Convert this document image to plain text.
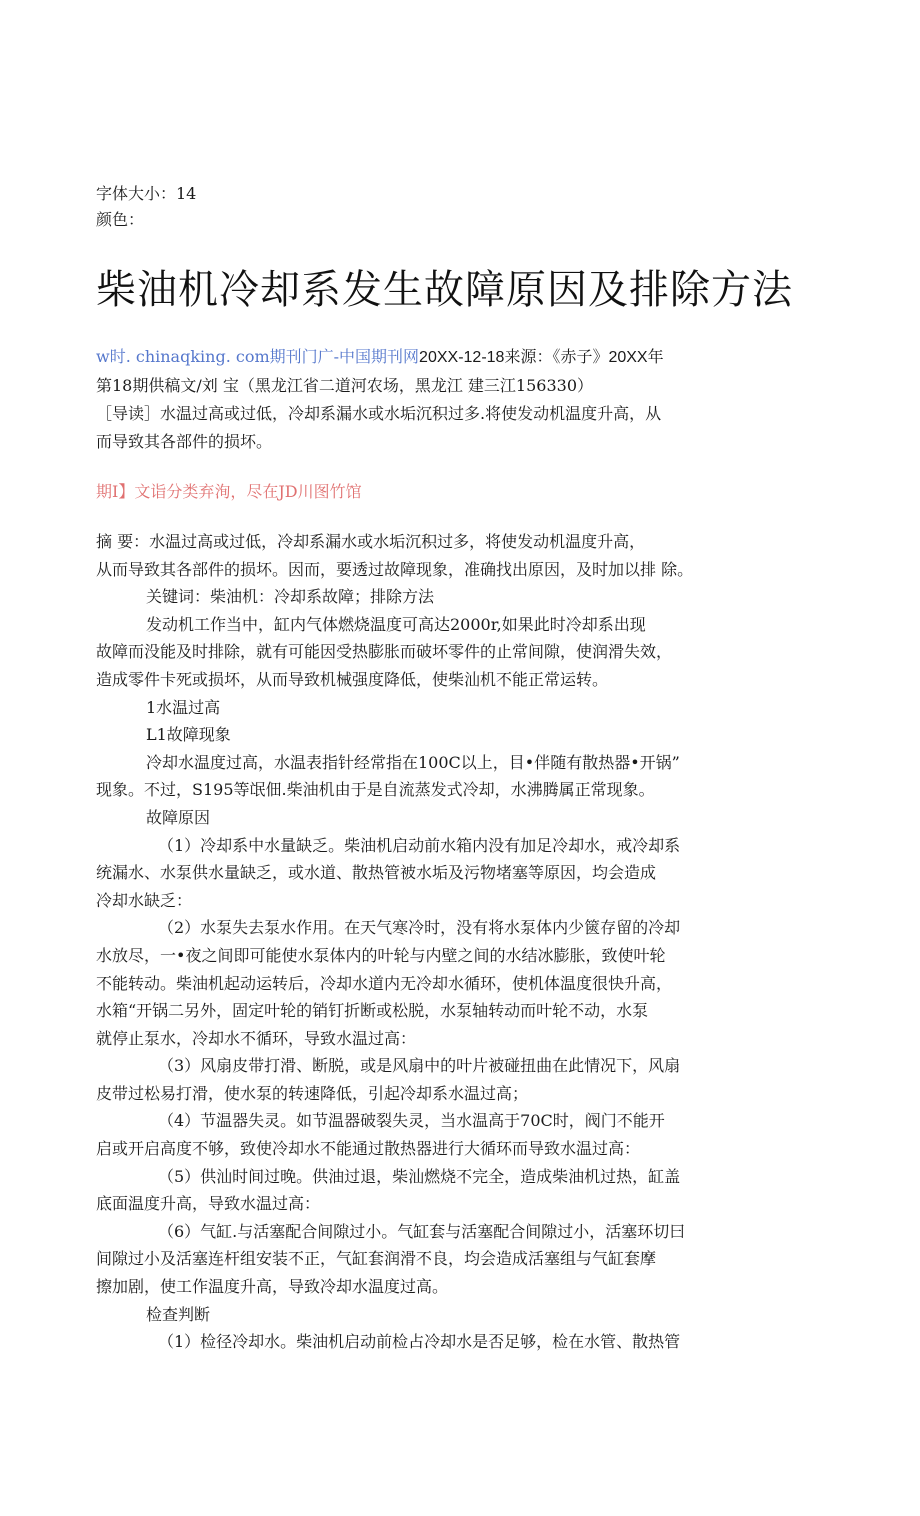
字体大小：14
颜色：
柴油机冷却系发生故障原因及排除方法
w时. chinaqking. com期刊门广-中国期刊网20XX-12-18来源：《赤子》20XX年
第18期供稿文/刘 宝（黑龙江省二道河农场，黑龙江 建三江156330）
［导读］水温过高或过低，冷却系漏水或水垢沉积过多.将使发动机温度升高，从
而导致其各部件的损坏。
期Ⅰ】文诣分类弃洵，尽在JD川图竹馆
摘 要：水温过高或过低，冷却系漏水或水垢沉积过多，将使发动机温度升高，
从而导致其各部件的损坏。因而，要透过故障现象，准确找出原因，及时加以排 除。
关键词：柴油机：冷却系故障；排除方法
发动机工作当中，缸内气体燃烧温度可高达2000r,如果此时冷却系出现
故障而没能及时排除，就有可能因受热膨胀而破坏零件的止常间隙，使润滑失效，
造成零件卡死或损坏，从而导致机械强度降低，使柴汕机不能正常运转。
1水温过高
L1故障现象
冷却水温度过高，水温表指针经常指在100C以上，目•伴随有散热器•开锅”
现象。不过，S195等氓佃.柴油机由于是自流蒸发式冷却，水沸腾属正常现象。
故障原因
（1）冷却系中水量缺乏。柴油机启动前水箱内没有加足冷却水，戒冷却系
统漏水、水泵供水量缺乏，或水道、散热管被水垢及污物堵塞等原因，均会造成
冷却水缺乏：
（2）水泵失去泵水作用。在天气寒冷时，没有将水泵体内少篋存留的冷却
水放尽，一•夜之间即可能使水泵体内的叶轮与内壁之间的水结冰膨胀，致使叶轮
不能转动。柴油机起动运转后，冷却水道内无冷却水循环，使机体温度很快升高，
水箱“开锅二另外，固定叶轮的销钉折断或松脱，水泵轴转动而叶轮不动，水泵
就停止泵水，冷却水不循环，导致水温过高：
（3）风扇皮带打滑、断脱，或是风扇中的叶片被碰扭曲在此情况下，风扇
皮带过松易打滑，使水泵的转速降低，引起冷却系水温过高；
（4）节温器失灵。如节温器破裂失灵，当水温高于70C时，阀门不能开
启或开启高度不够，致使冷却水不能通过散热器进行大循环而导致水温过高：
（5）供汕时间过晚。供油过退，柴汕燃烧不完全，造成柴油机过热，缸盖
底面温度升高，导致水温过高：
（6）气缸.与活塞配合间隙过小。气缸套与活塞配合间隙过小，活塞环切曰
间隙过小及活塞连杆组安装不正，气缸套润滑不良，均会造成活塞组与气缸套摩
擦加剧，使工作温度升高，导致冷却水温度过高。
检查判断
（1）检径冷却水。柴油机启动前检占冷却水是否足够，检在水管、散热管
